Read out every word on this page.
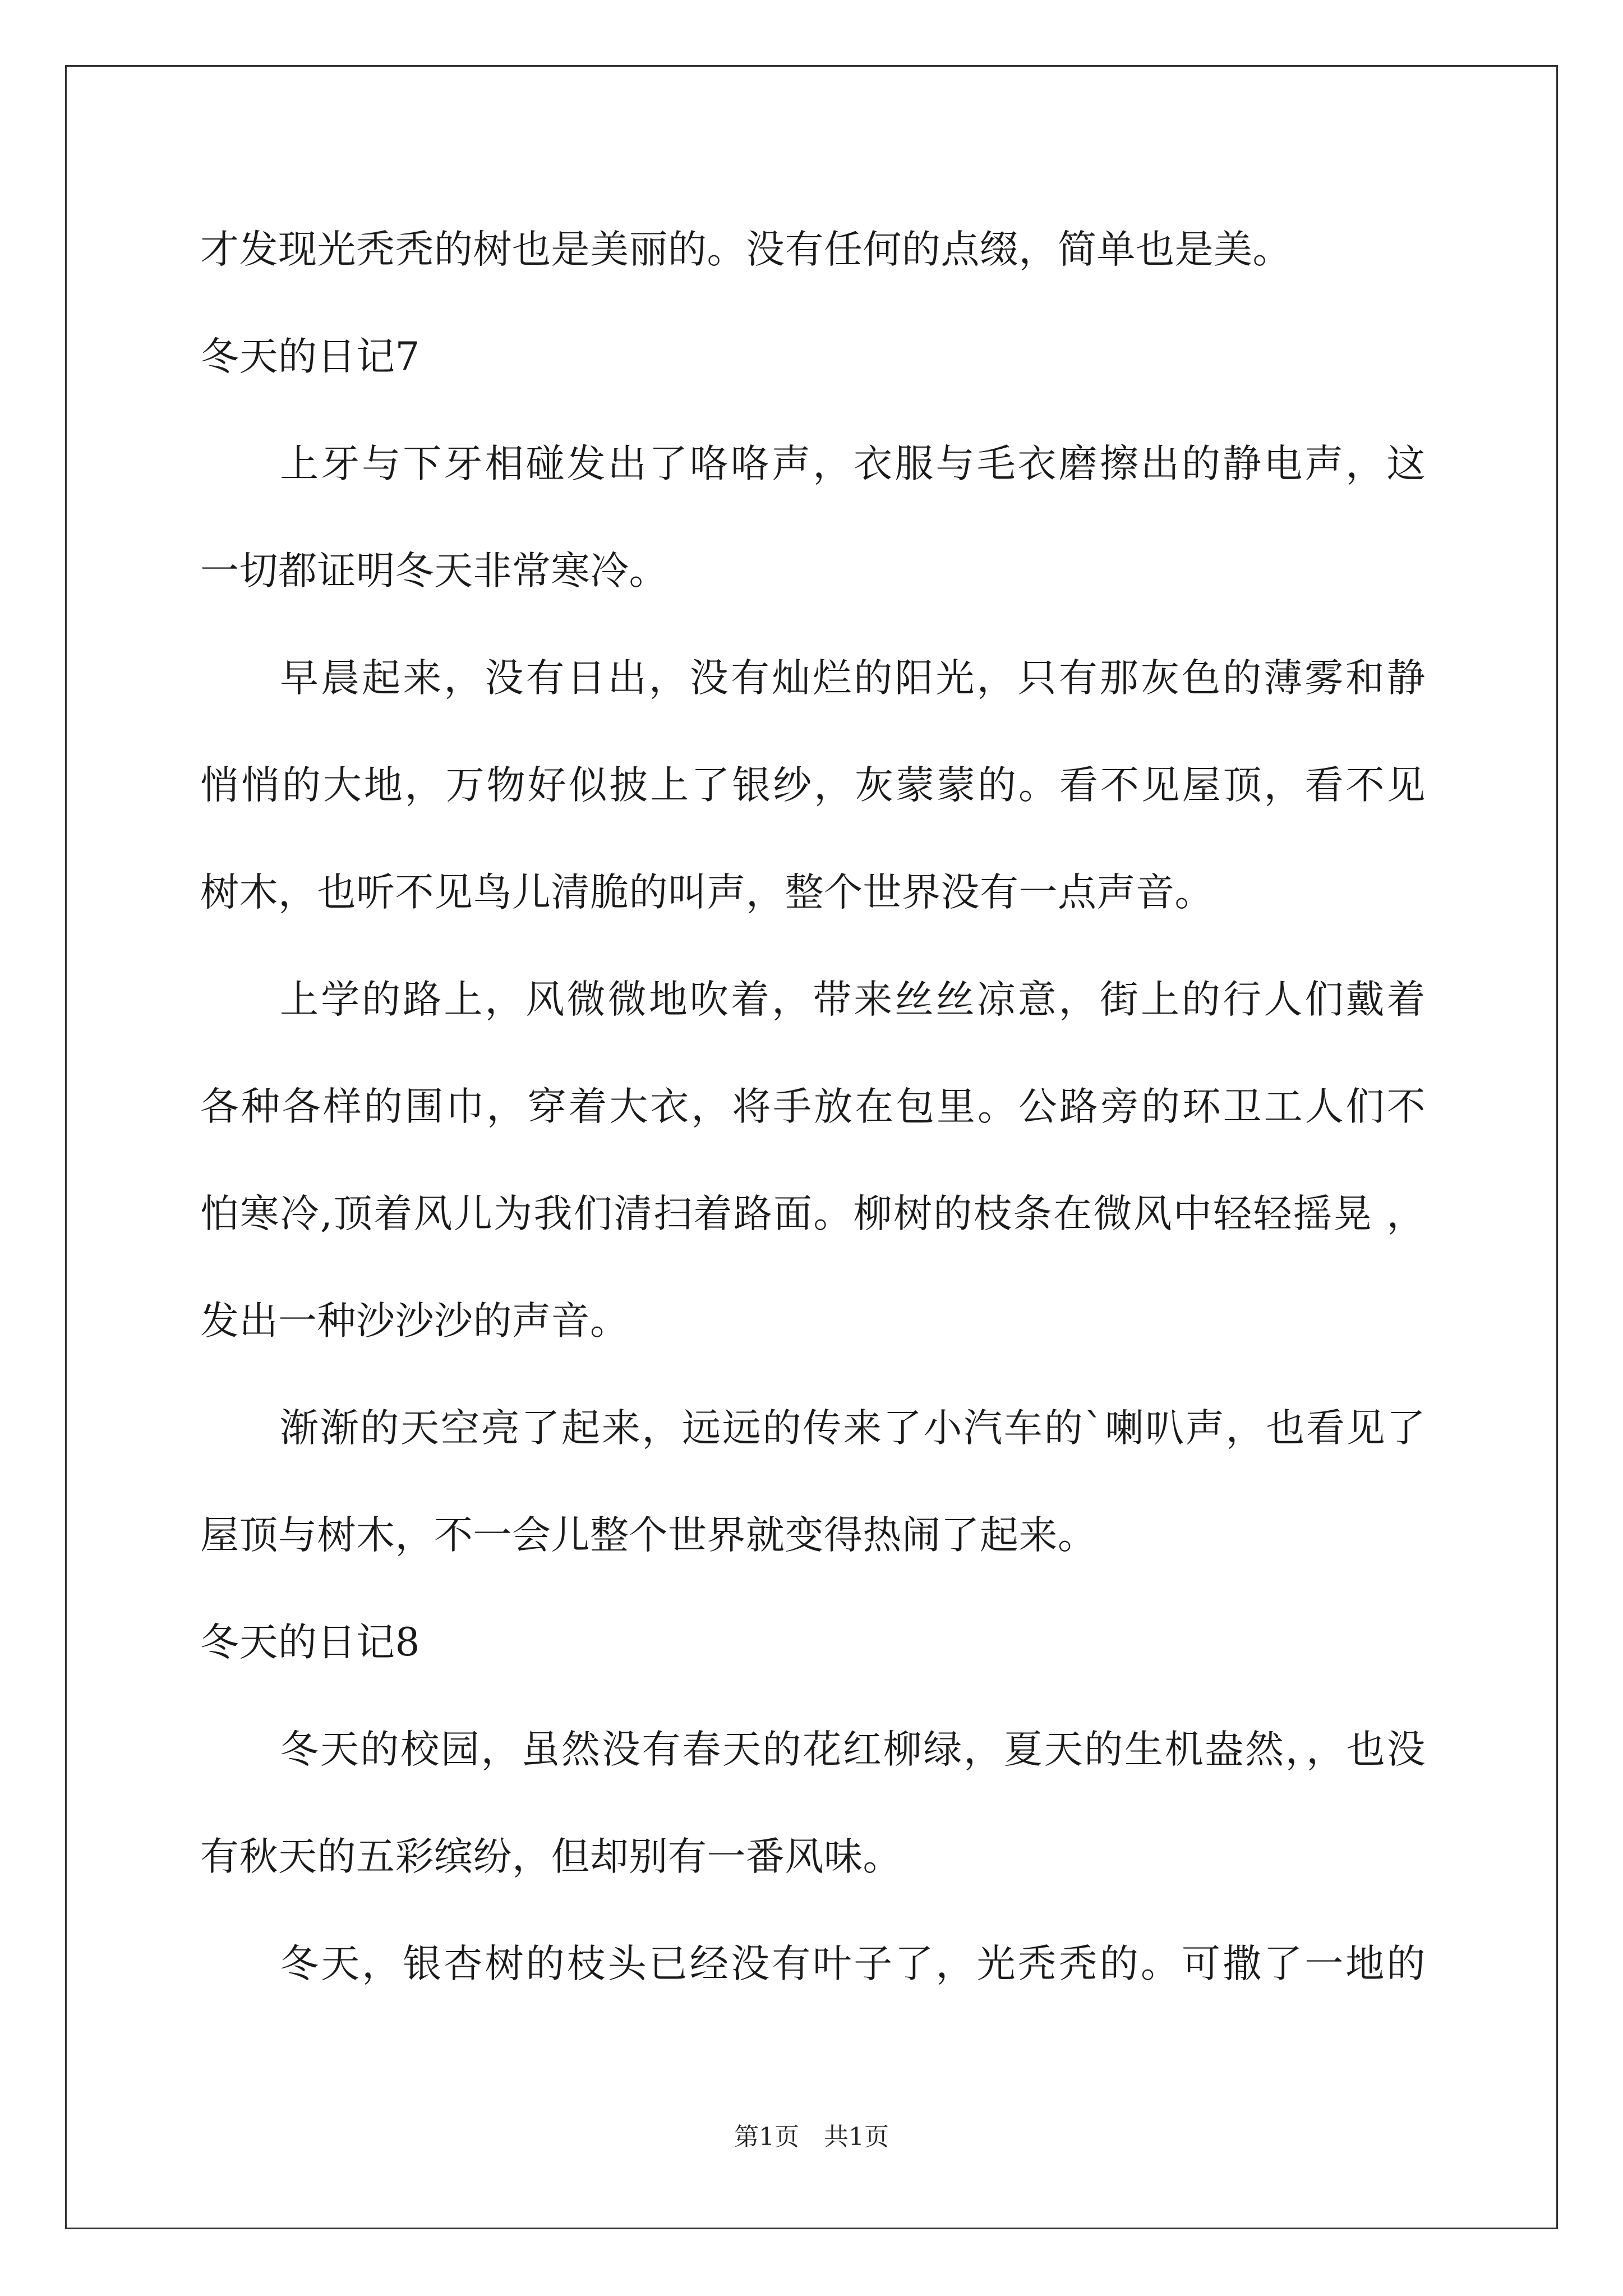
才发现光秃秃的树也是美丽的。没有任何的点缀，简单也是美。
冬天的日记7
上牙与下牙相碰发出了咯咯声，衣服与毛衣磨擦出的静电声，这
一切都证明冬天非常寒冷。
早晨起来，没有日出，没有灿烂的阳光，只有那灰色的薄雾和静
悄悄的大地，万物好似披上了银纱，灰蒙蒙的。看不见屋顶，看不见
树木，也听不见鸟儿清脆的叫声，整个世界没有一点声音。
上学的路上，风微微地吹着，带来丝丝凉意，街上的行人们戴着
各种各样的围巾，穿着大衣，将手放在包里。公路旁的环卫工人们不
怕寒冷,顶着风儿为我们清扫着路面。柳树的枝条在微风中轻轻摇晃 ，
发出一种沙沙沙的声音。
渐渐的天空亮了起来，远远的传来了小汽车的`喇叭声，也看见了
屋顶与树木，不一会儿整个世界就变得热闹了起来。
冬天的日记8
冬天的校园，虽然没有春天的花红柳绿，夏天的生机盎然，，也没
有秋天的五彩缤纷，但却别有一番风味。
冬天，银杏树的枝头已经没有叶子了，光秃秃的。可撒了一地的
第1页　共1页
